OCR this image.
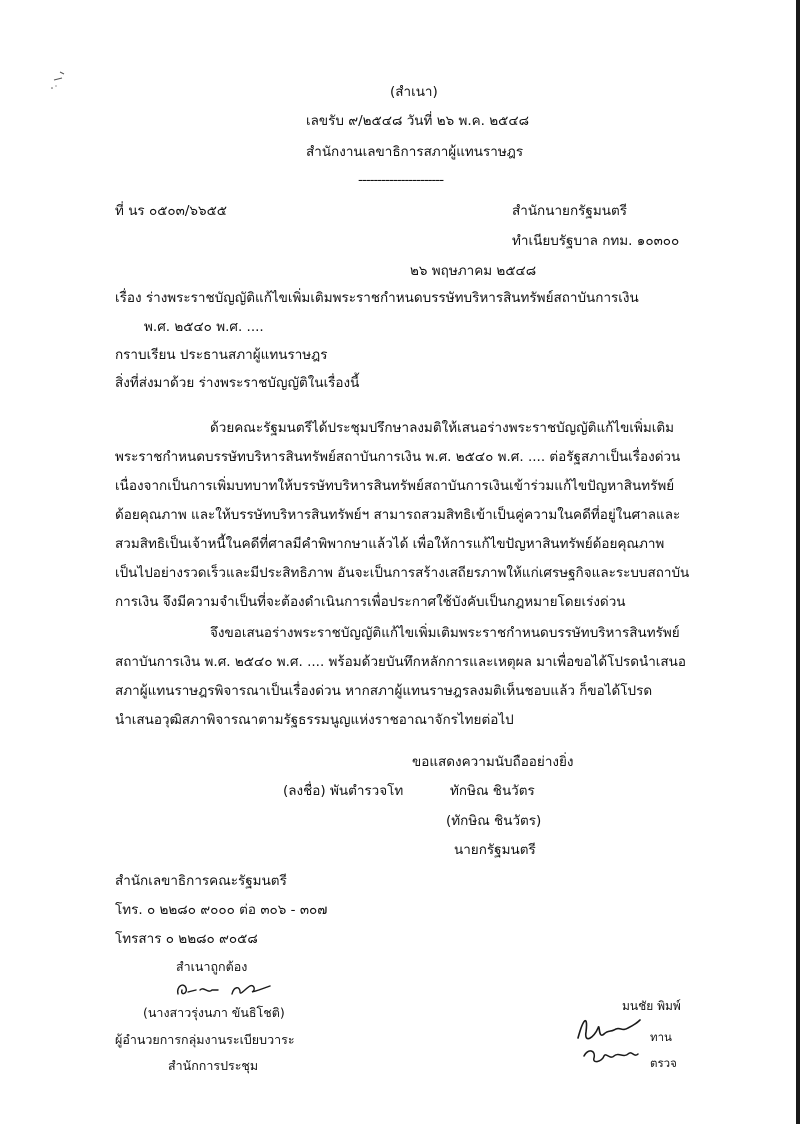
(สำเนา)
เลขรับ ๙/๒๕๔๘ วันที่ ๒๖ พ.ค. ๒๕๔๘
สำนักงานเลขาธิการสภาผู้แทนราษฎร
----------------------
ที่ นร ๐๕๐๓/๖๖๕๕	สำนักนายกรัฐมนตรี
ทำเนียบรัฐบาล กทม. ๑๐๓๐๐
๒๖ พฤษภาคม ๒๕๔๘
เรื่อง ร่างพระราชบัญญัติแก้ไขเพิ่มเติมพระราชกำหนดบรรษัทบริหารสินทรัพย์สถาบันการเงิน
พ.ศ. ๒๕๔๐ พ.ศ. ....
กราบเรียน ประธานสภาผู้แทนราษฎร
สิ่งที่ส่งมาด้วย ร่างพระราชบัญญัติในเรื่องนี้
ด้วยคณะรัฐมนตรีได้ประชุมปรึกษาลงมติให้เสนอร่างพระราชบัญญัติแก้ไขเพิ่มเติม
พระราชกำหนดบรรษัทบริหารสินทรัพย์สถาบันการเงิน พ.ศ. ๒๕๔๐ พ.ศ. .... ต่อรัฐสภาเป็นเรื่องด่วน
เนื่องจากเป็นการเพิ่มบทบาทให้บรรษัทบริหารสินทรัพย์สถาบันการเงินเข้าร่วมแก้ไขปัญหาสินทรัพย์
ด้อยคุณภาพ และให้บรรษัทบริหารสินทรัพย์ฯ สามารถสวมสิทธิเข้าเป็นคู่ความในคดีที่อยู่ในศาลและ
สวมสิทธิเป็นเจ้าหนี้ในคดีที่ศาลมีคำพิพากษาแล้วได้ เพื่อให้การแก้ไขปัญหาสินทรัพย์ด้อยคุณภาพ
เป็นไปอย่างรวดเร็วและมีประสิทธิภาพ อันจะเป็นการสร้างเสถียรภาพให้แก่เศรษฐกิจและระบบสถาบัน
การเงิน จึงมีความจำเป็นที่จะต้องดำเนินการเพื่อประกาศใช้บังคับเป็นกฎหมายโดยเร่งด่วน
จึงขอเสนอร่างพระราชบัญญัติแก้ไขเพิ่มเติมพระราชกำหนดบรรษัทบริหารสินทรัพย์
สถาบันการเงิน พ.ศ. ๒๕๔๐ พ.ศ. .... พร้อมด้วยบันทึกหลักการและเหตุผล มาเพื่อขอได้โปรดนำเสนอ
สภาผู้แทนราษฎรพิจารณาเป็นเรื่องด่วน หากสภาผู้แทนราษฎรลงมติเห็นชอบแล้ว ก็ขอได้โปรด
นำเสนอวุฒิสภาพิจารณาตามรัฐธรรมนูญแห่งราชอาณาจักรไทยต่อไป
ขอแสดงความนับถืออย่างยิ่ง
(ลงชื่อ) พันตำรวจโท	ทักษิณ ชินวัตร
(ทักษิณ ชินวัตร)
นายกรัฐมนตรี
สำนักเลขาธิการคณะรัฐมนตรี
โทร. ๐ ๒๒๘๐ ๙๐๐๐ ต่อ ๓๐๖ - ๓๐๗
โทรสาร ๐ ๒๒๘๐ ๙๐๕๘
สำเนาถูกต้อง
(นางสาวรุ่งนภา ขันธิโชติ)
ผู้อำนวยการกลุ่มงานระเบียบวาระ
สำนักการประชุม
มนชัย พิมพ์
ทาน
ตรวจ
